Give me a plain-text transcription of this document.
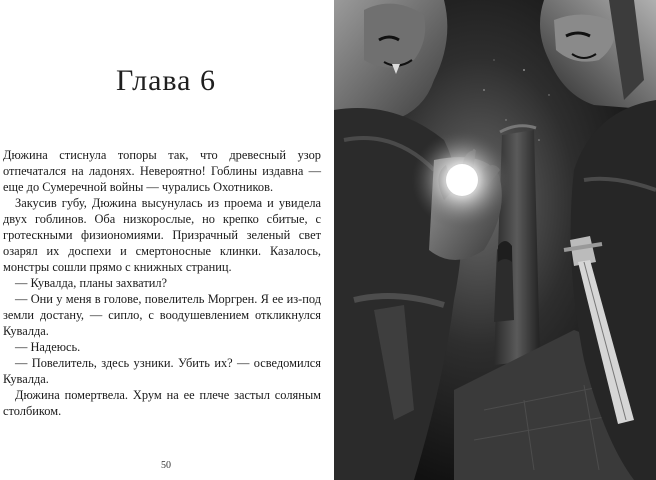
Глава 6

Дюжина стиснула топоры так, что древесный узор отпечатался на ладонях. Невероятно! Гоблины издавна — еще до Сумеречной войны — чурались Охотников.

Закусив губу, Дюжина высунулась из проема и увидела двух гоблинов. Оба низкорослые, но крепко сбитые, с гротескными физиономиями. Призрачный зеленый свет озарял их доспехи и смертоносные клинки. Казалось, монстры сошли прямо с книжных страниц.

— Кувалда, планы захватил?

— Они у меня в голове, повелитель Моргрен. Я ее из-под земли достану, — сипло, с воодушевлением откликнулся Кувалда.

— Надеюсь.

— Повелитель, здесь узники. Убить их? — осведомился Кувалда.

Дюжина помертвела. Хрум на ее плече застыл соляным столбиком.

50
